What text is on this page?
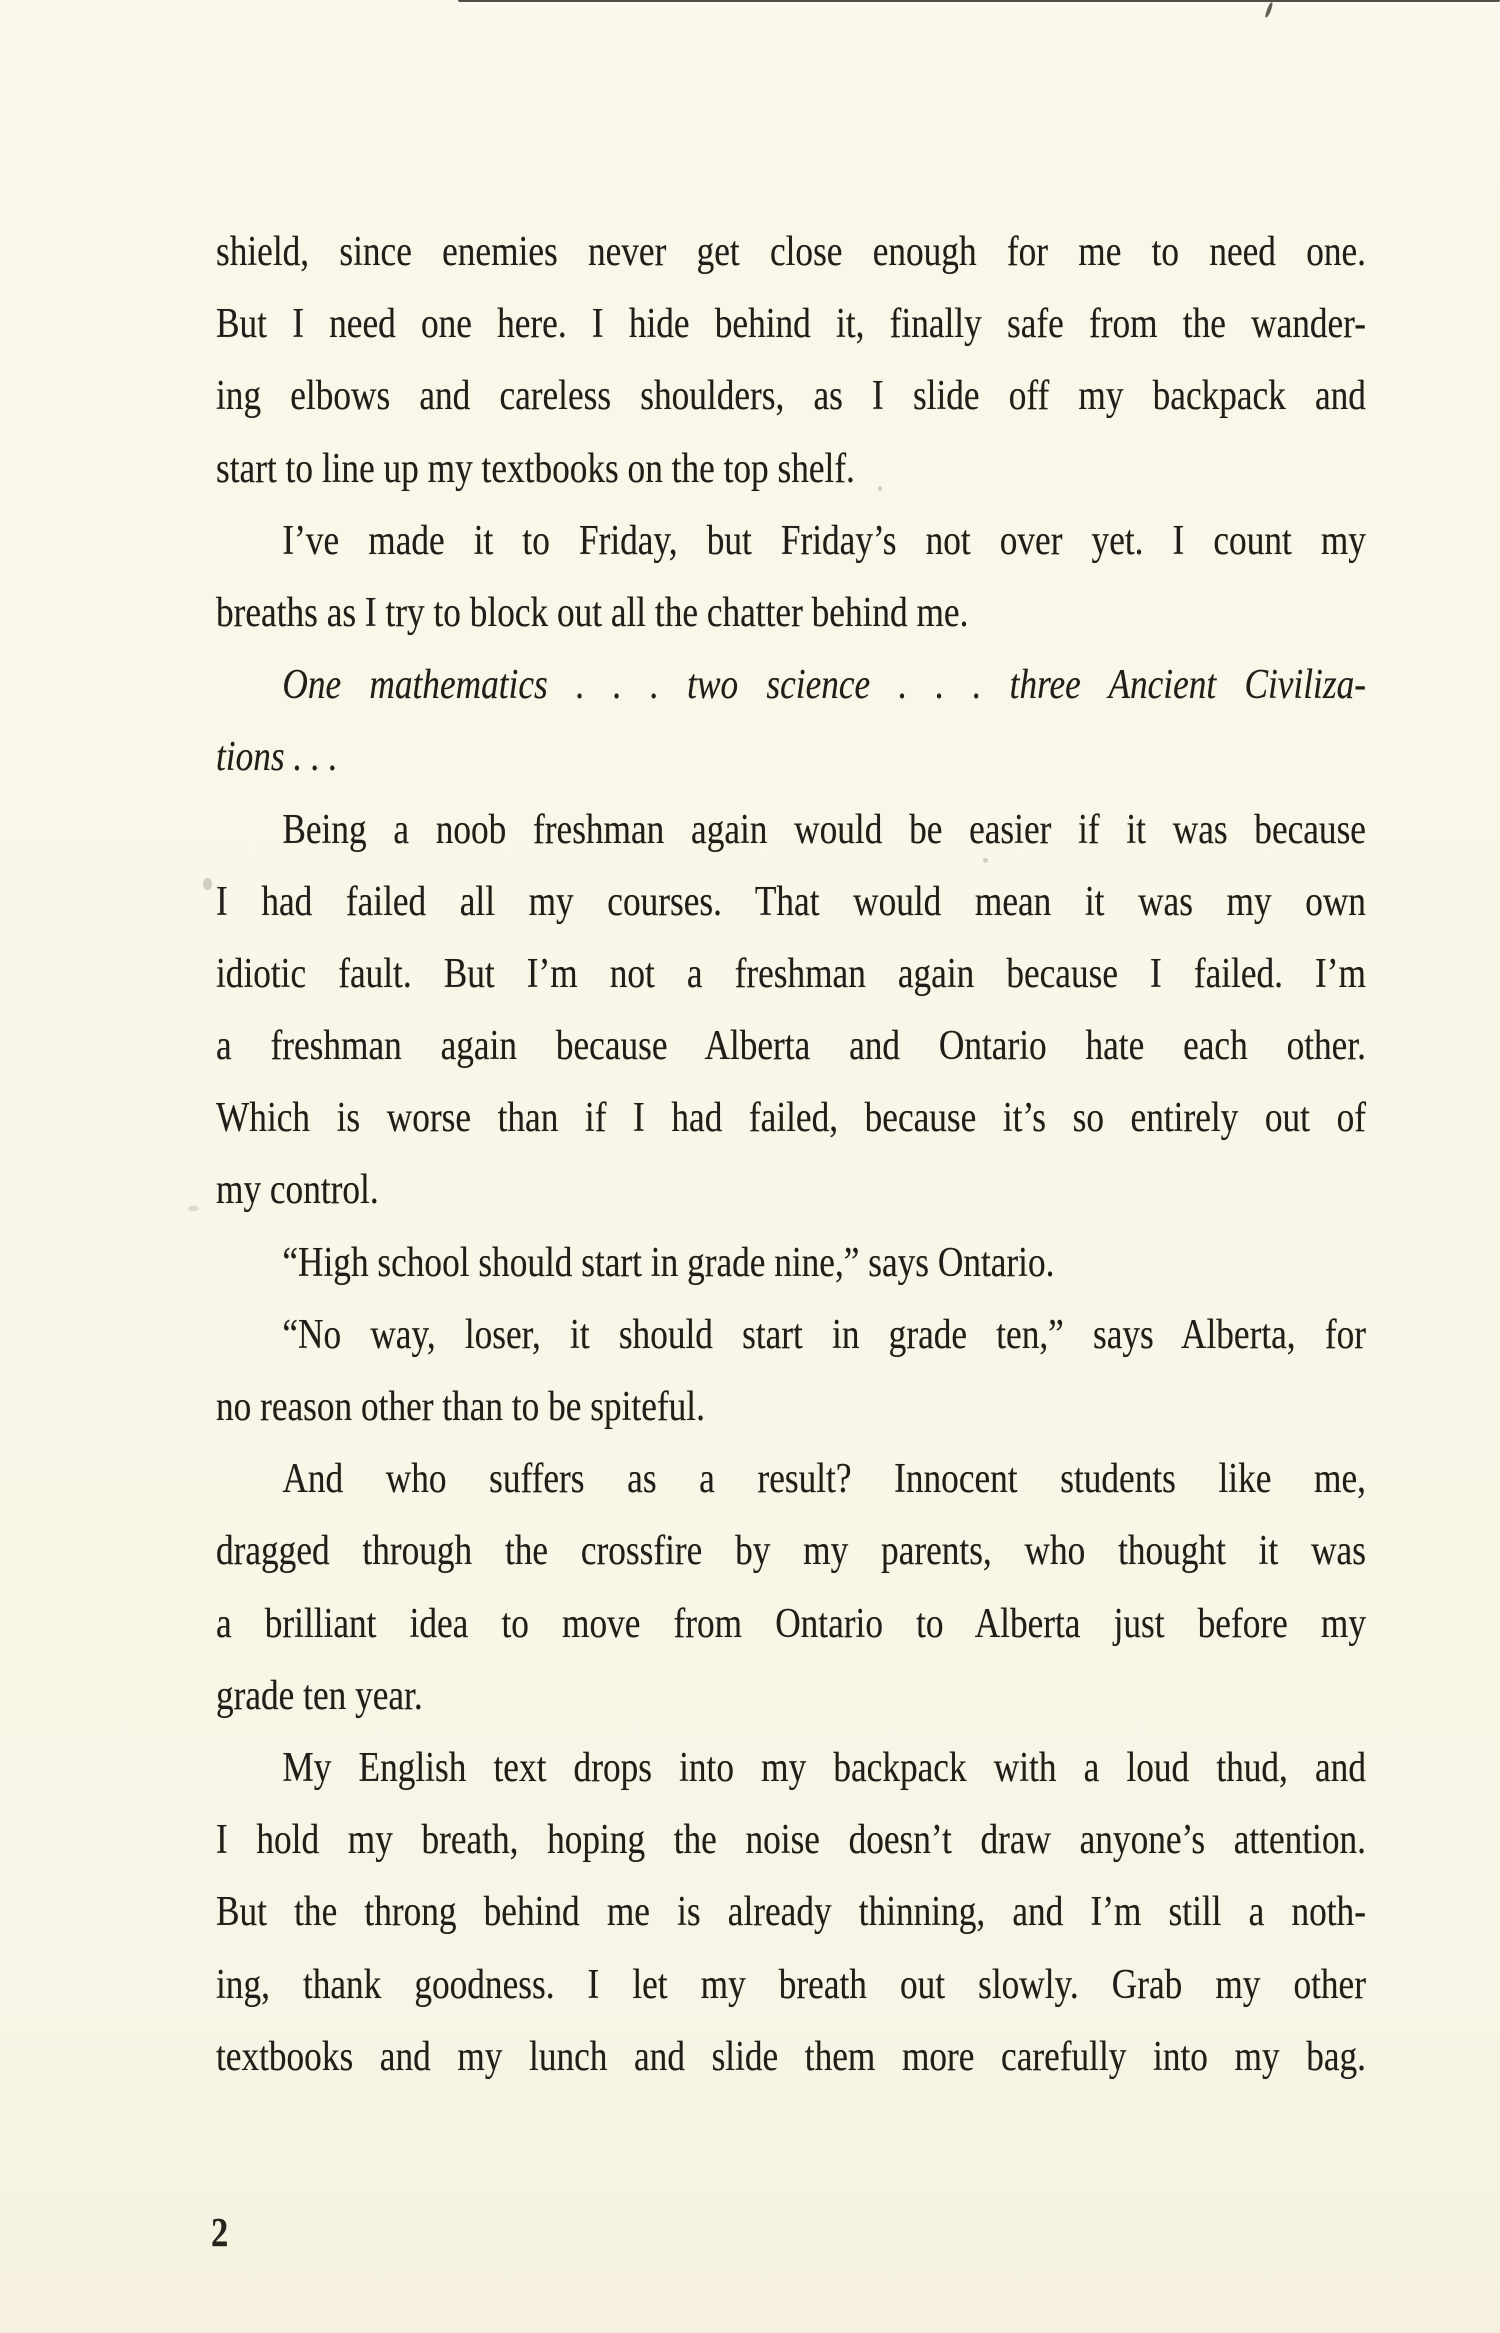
shield, since enemies never get close enough for me to need one.
But I need one here. I hide behind it, finally safe from the wander-
ing elbows and careless shoulders, as I slide off my backpack and
start to line up my textbooks on the top shelf.
I’ve made it to Friday, but Friday’s not over yet. I count my
breaths as I try to block out all the chatter behind me.
One mathematics . . . two science . . . three Ancient Civiliza-
tions . . .
Being a noob freshman again would be easier if it was because
I had failed all my courses. That would mean it was my own
idiotic fault. But I’m not a freshman again because I failed. I’m
a freshman again because Alberta and Ontario hate each other.
Which is worse than if I had failed, because it’s so entirely out of
my control.
“High school should start in grade nine,” says Ontario.
“No way, loser, it should start in grade ten,” says Alberta, for
no reason other than to be spiteful.
And who suffers as a result? Innocent students like me,
dragged through the crossfire by my parents, who thought it was
a brilliant idea to move from Ontario to Alberta just before my
grade ten year.
My English text drops into my backpack with a loud thud, and
I hold my breath, hoping the noise doesn’t draw anyone’s attention.
But the throng behind me is already thinning, and I’m still a noth-
ing, thank goodness. I let my breath out slowly. Grab my other
textbooks and my lunch and slide them more carefully into my bag.
2
